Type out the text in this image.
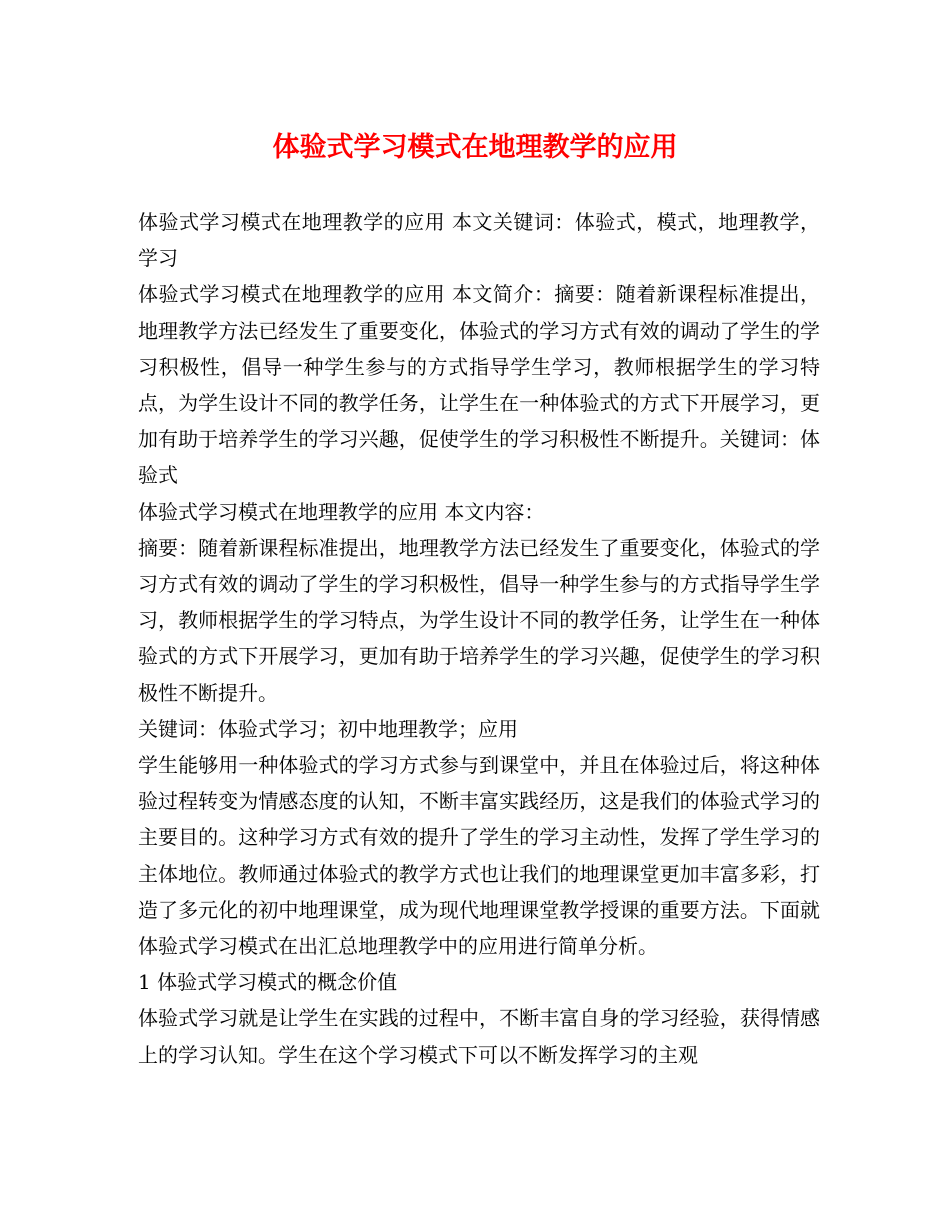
体验式学习模式在地理教学的应用

体验式学习模式在地理教学的应用 本文关键词：体验式，模式，地理教学，学习

体验式学习模式在地理教学的应用 本文简介：摘要：随着新课程标准提出，地理教学方法已经发生了重要变化，体验式的学习方式有效的调动了学生的学习积极性，倡导一种学生参与的方式指导学生学习，教师根据学生的学习特点，为学生设计不同的教学任务，让学生在一种体验式的方式下开展学习，更加有助于培养学生的学习兴趣，促使学生的学习积极性不断提升。关键词：体验式

体验式学习模式在地理教学的应用 本文内容：

摘要：随着新课程标准提出，地理教学方法已经发生了重要变化，体验式的学习方式有效的调动了学生的学习积极性，倡导一种学生参与的方式指导学生学习，教师根据学生的学习特点，为学生设计不同的教学任务，让学生在一种体验式的方式下开展学习，更加有助于培养学生的学习兴趣，促使学生的学习积极性不断提升。

关键词：体验式学习；初中地理教学；应用

学生能够用一种体验式的学习方式参与到课堂中，并且在体验过后，将这种体验过程转变为情感态度的认知，不断丰富实践经历，这是我们的体验式学习的主要目的。这种学习方式有效的提升了学生的学习主动性，发挥了学生学习的主体地位。教师通过体验式的教学方式也让我们的地理课堂更加丰富多彩，打造了多元化的初中地理课堂，成为现代地理课堂教学授课的重要方法。下面就体验式学习模式在出汇总地理教学中的应用进行简单分析。

1 体验式学习模式的概念价值

体验式学习就是让学生在实践的过程中，不断丰富自身的学习经验，获得情感上的学习认知。学生在这个学习模式下可以不断发挥学习的主观
